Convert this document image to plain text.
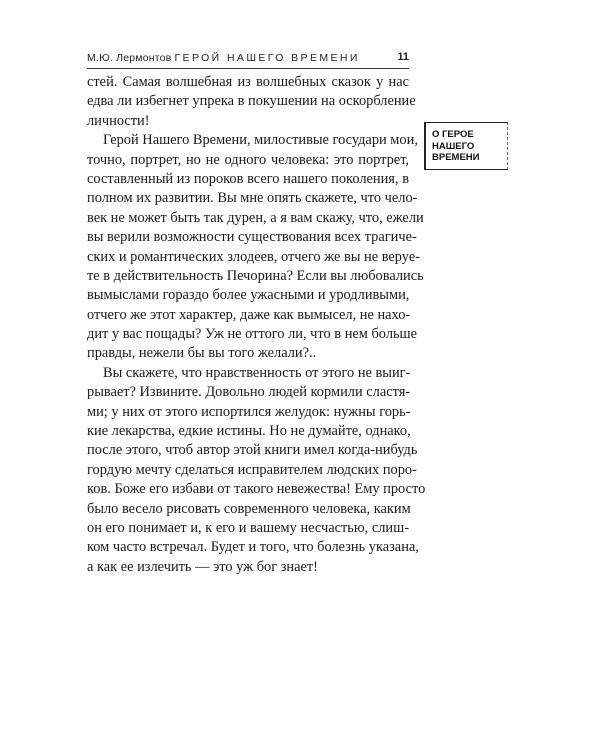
М.Ю. Лермонтов ГЕРОЙ НАШЕГО ВРЕМЕНИ	11
стей. Самая волшебная из волшебных сказок у нас
едва ли избегнет упрека в покушении на оскорбление
личности!
Герой Нашего Времени, милостивые государи мои,
точно, портрет, но не одного человека: это портрет,
составленный из пороков всего нашего поколения, в
полном их развитии. Вы мне опять скажете, что чело-
век не может быть так дурен, а я вам скажу, что, ежели
вы верили возможности существования всех трагиче-
ских и романтических злодеев, отчего же вы не веруе-
те в действительность Печорина? Если вы любовались
вымыслами гораздо более ужасными и уродливыми,
отчего же этот характер, даже как вымысел, не нахо-
дит у вас пощады? Уж не оттого ли, что в нем больше
правды, нежели бы вы того желали?..
Вы скажете, что нравственность от этого не выиг-
рывает? Извините. Довольно людей кормили сластя-
ми; у них от этого испортился желудок: нужны горь-
кие лекарства, едкие истины. Но не думайте, однако,
после этого, чтоб автор этой книги имел когда-нибудь
гордую мечту сделаться исправителем людских поро-
ков. Боже его избави от такого невежества! Ему просто
было весело рисовать современного человека, каким
он его понимает и, к его и вашему несчастью, слиш-
ком часто встречал. Будет и того, что болезнь указана,
а как ее излечить — это уж бог знает!
О ГЕРОЕ
НАШЕГО
ВРЕМЕНИ
